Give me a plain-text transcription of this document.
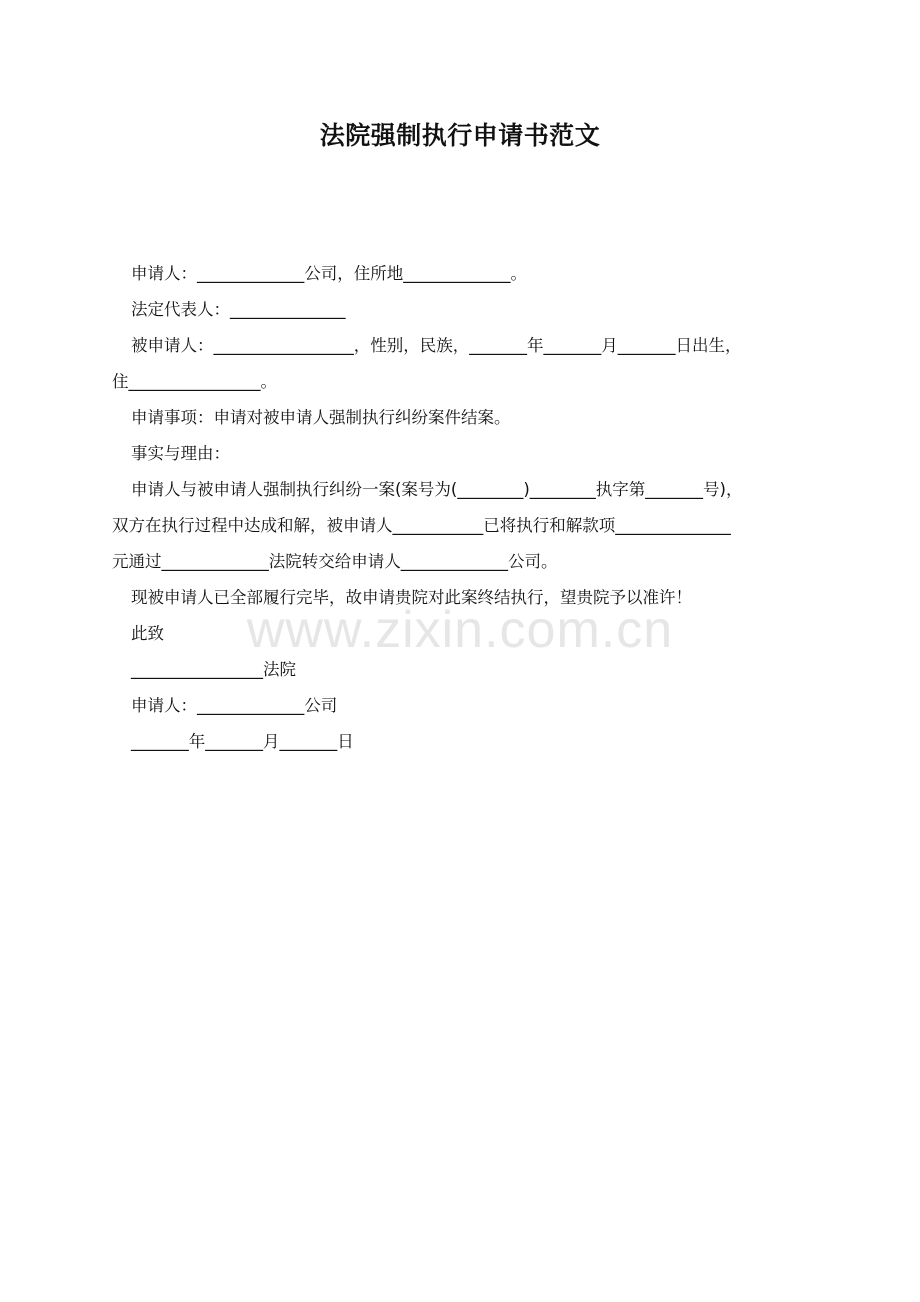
法院强制执行申请书范文

申请人：_____________公司，住所地_____________。

法定代表人：______________

被申请人：_________________，性别，民族，_______年_______月_______日出生，

住________________。

申请事项：申请对被申请人强制执行纠纷案件结案。

事实与理由：

申请人与被申请人强制执行纠纷一案(案号为(________)________执字第_______号)，

双方在执行过程中达成和解，被申请人___________已将执行和解款项______________

元通过_____________法院转交给申请人_____________公司。

现被申请人已全部履行完毕，故申请贵院对此案终结执行，望贵院予以准许！

此致

________________法院

申请人：_____________公司

_______年_______月_______日

www.zixin.com.cn
